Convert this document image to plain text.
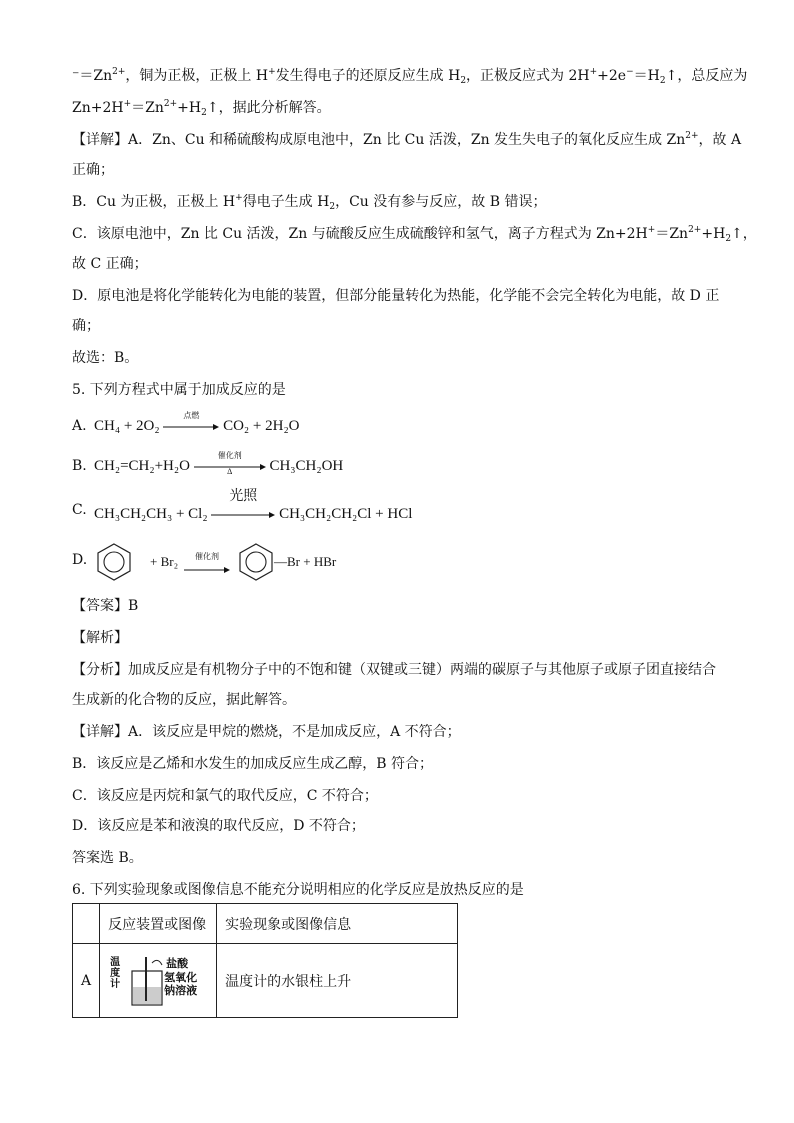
$^-=Zn^{2+}$，铜为正极，正极上 H+发生得电子的还原反应生成 $H_2$，正极反应式为 $2H^++2e^-=H_2↑$，总反应为
$Zn+2H^+=Zn^{2+}+H_2↑$，据此分析解答。
【详解】A．Zn、Cu 和稀硫酸构成原电池中，Zn 比 Cu 活泼，Zn 发生失电子的氧化反应生成 $Zn^{2+}$，故 A
正确；
B．Cu 为正极，正极上 H+得电子生成 $H_2$，Cu 没有参与反应，故 B 错误；
C．该原电池中，Zn 比 Cu 活泼，Zn 与硫酸反应生成硫酸锌和氢气，离子方程式为 $Zn+2H^+=Zn^{2+}+H_2↑$，
故 C 正确；
D．原电池是将化学能转化为电能的装置，但部分能量转化为热能，化学能不会完全转化为电能，故 D 正
确；
故选：B。
5. 下列方程式中属于加成反应的是
A. CH₄ + 2O₂
点燃
CO₂ + 2H₂O
B. CH₂=CH₂+H₂O
催化剂
Δ	CH₃CH₂OH
C. CH₃CH₂CH₃ + Cl₂
光照
CH₃CH₂CH₂Cl + HCl
D.	+ Br₂	催化剂	—Br + HBr
【答案】B
【解析】
【分析】加成反应是有机物分子中的不饱和键（双键或三键）两端的碳原子与其他原子或原子团直接结合
生成新的化合物的反应，据此解答。
【详解】A．该反应是甲烷的燃烧，不是加成反应，A 不符合；
B．该反应是乙烯和水发生的加成反应生成乙醇，B 符合；
C．该反应是丙烷和氯气的取代反应，C 不符合；
D．该反应是苯和液溴的取代反应，D 不符合；
答案选 B。
6. 下列实验现象或图像信息不能充分说明相应的化学反应是放热反应的是
	反应装置或图像	实验现象或图像信息
A	温度计
盐酸
氢氧化钠溶液	温度计的水银柱上升
